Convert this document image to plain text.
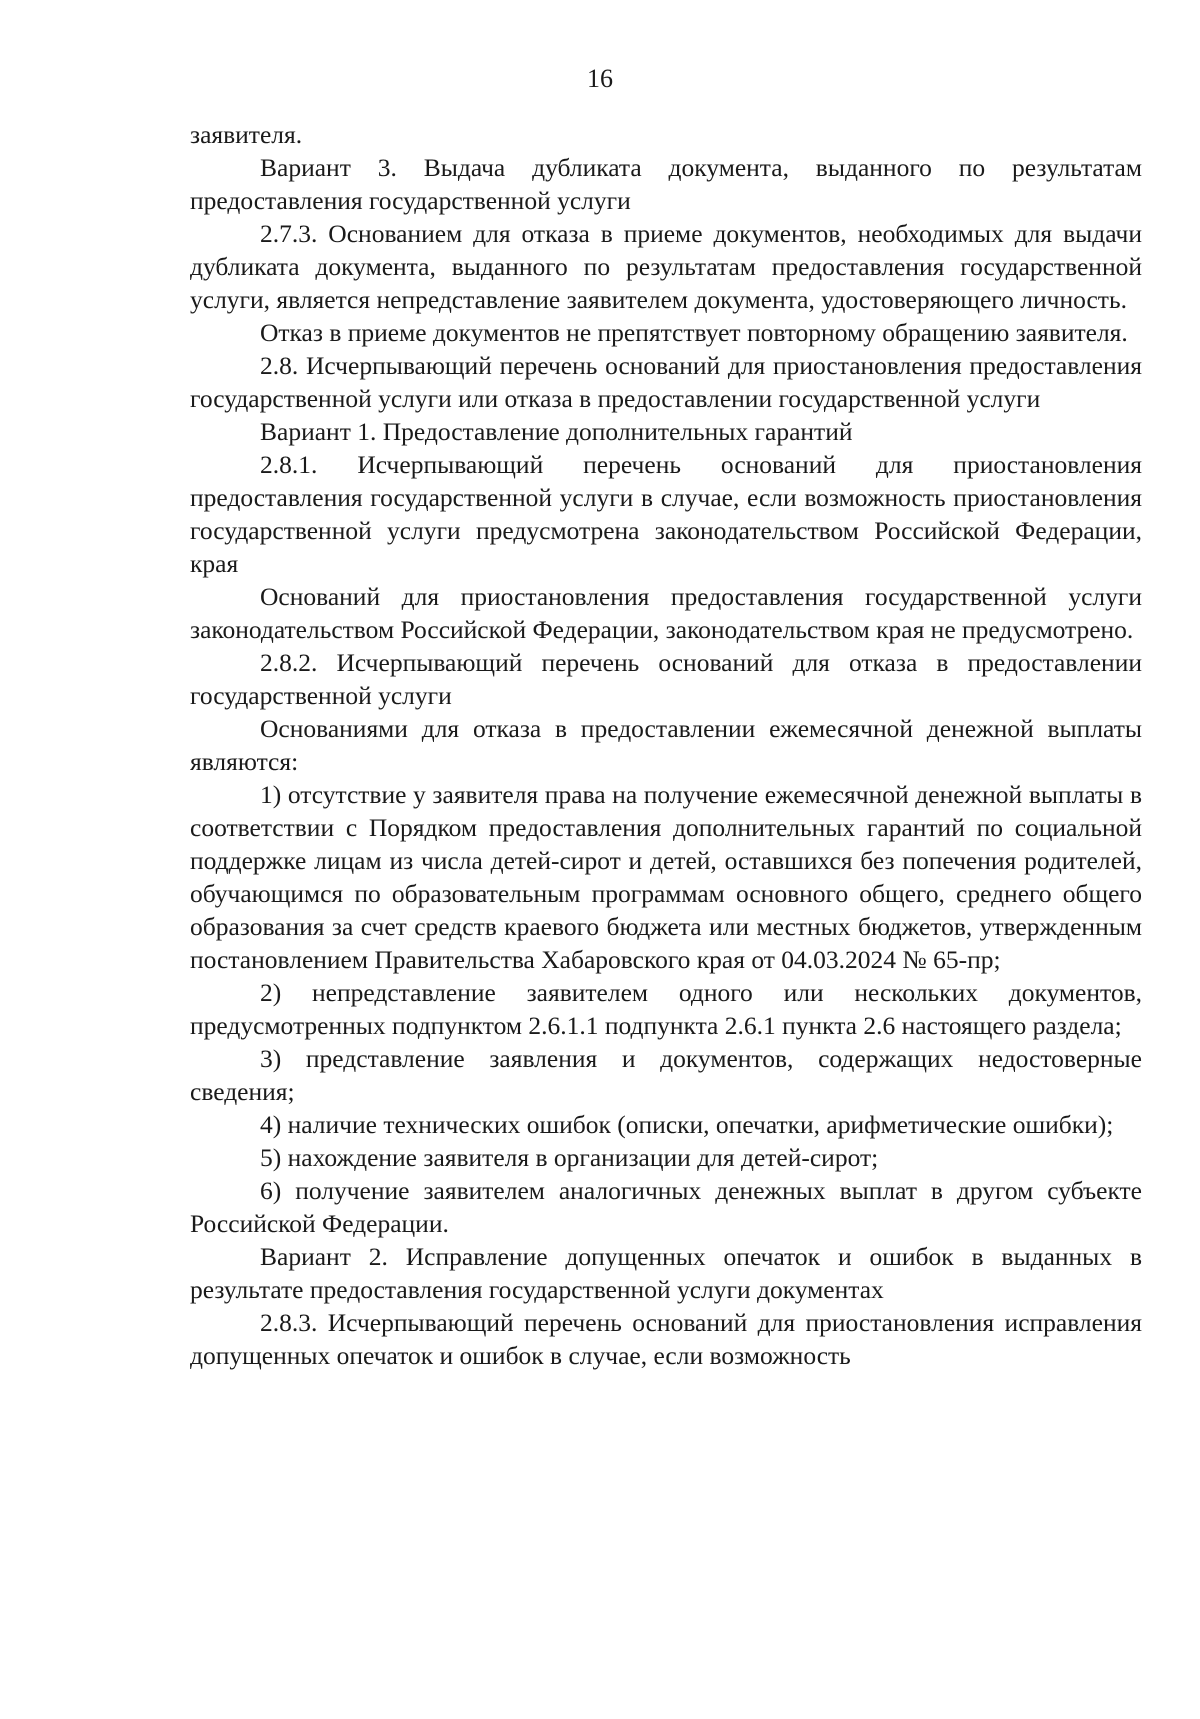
16

заявителя.

Вариант 3. Выдача дубликата документа, выданного по результатам предоставления государственной услуги

2.7.3. Основанием для отказа в приеме документов, необходимых для выдачи дубликата документа, выданного по результатам предоставления государственной услуги, является непредставление заявителем документа, удостоверяющего личность.

Отказ в приеме документов не препятствует повторному обращению заявителя.

2.8. Исчерпывающий перечень оснований для приостановления предоставления государственной услуги или отказа в предоставлении государственной услуги

Вариант 1. Предоставление дополнительных гарантий

2.8.1. Исчерпывающий перечень оснований для приостановления предоставления государственной услуги в случае, если возможность приостановления государственной услуги предусмотрена законодательством Российской Федерации, края

Оснований для приостановления предоставления государственной услуги законодательством Российской Федерации, законодательством края не предусмотрено.

2.8.2. Исчерпывающий перечень оснований для отказа в предоставлении государственной услуги

Основаниями для отказа в предоставлении ежемесячной денежной выплаты являются:

1) отсутствие у заявителя права на получение ежемесячной денежной выплаты в соответствии с Порядком предоставления дополнительных гарантий по социальной поддержке лицам из числа детей-сирот и детей, оставшихся без попечения родителей, обучающимся по образовательным программам основного общего, среднего общего образования за счет средств краевого бюджета или местных бюджетов, утвержденным постановлением Правительства Хабаровского края от 04.03.2024 № 65-пр;

2) непредставление заявителем одного или нескольких документов, предусмотренных подпунктом 2.6.1.1 подпункта 2.6.1 пункта 2.6 настоящего раздела;

3) представление заявления и документов, содержащих недостоверные сведения;

4) наличие технических ошибок (описки, опечатки, арифметические ошибки);

5) нахождение заявителя в организации для детей-сирот;

6) получение заявителем аналогичных денежных выплат в другом субъекте Российской Федерации.

Вариант 2. Исправление допущенных опечаток и ошибок в выданных в результате предоставления государственной услуги документах

2.8.3. Исчерпывающий перечень оснований для приостановления исправления допущенных опечаток и ошибок в случае, если возможность
